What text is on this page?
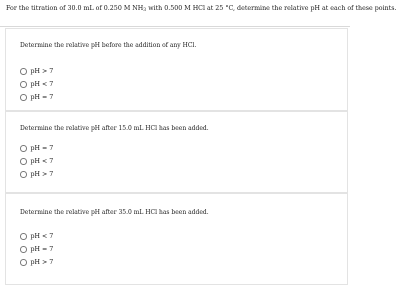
For the titration of 30.0 mL of 0.250 M $NH_3$ with 0.500 M HCl at 25 °C, determine the relative pH at each of these points.
Determine the relative pH before the addition of any HCl.
pH > 7
pH < 7
pH = 7
Determine the relative pH after 15.0 mL HCl has been added.
pH = 7
pH < 7
pH > 7
Determine the relative pH after 35.0 mL HCl has been added.
pH < 7
pH = 7
pH > 7
